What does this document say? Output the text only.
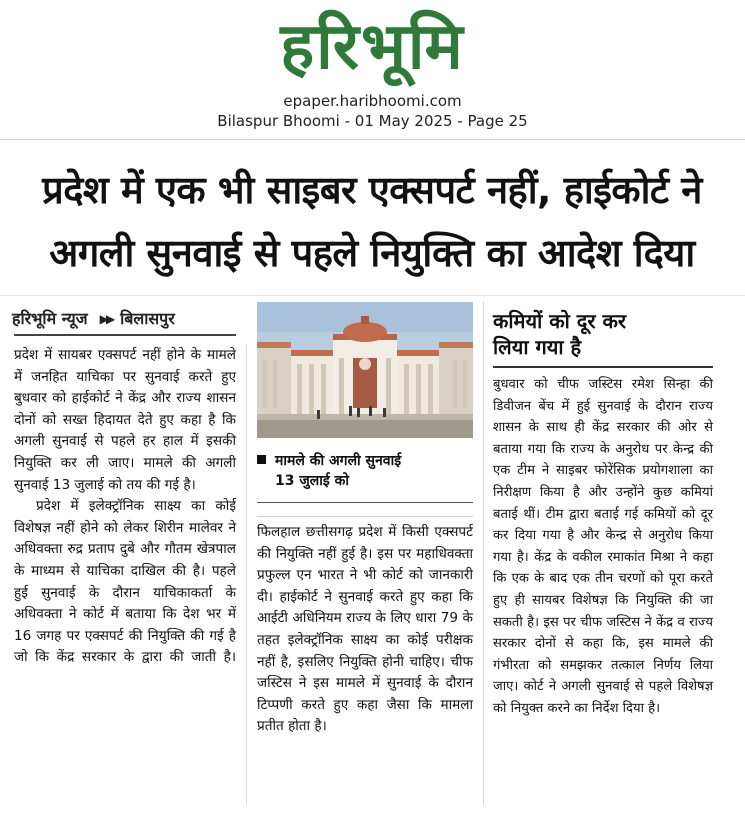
हरिभूमि
epaper.haribhoomi.com
Bilaspur Bhoomi - 01 May 2025 - Page 25
प्रदेश में एक भी साइबर एक्सपर्ट नहीं, हाईकोर्ट ने
अगली सुनवाई से पहले नियुक्ति का आदेश दिया
हरिभूमि न्यूज ▶▶ बिलासपुर

प्रदेश में सायबर एक्सपर्ट नहीं होने के मामले में जनहित याचिका पर सुनवाई करते हुए बुधवार को हाईकोर्ट ने केंद्र और राज्य शासन दोनों को सख्त हिदायत देते हुए कहा है कि अगली सुनवाई से पहले हर हाल में इसकी नियुक्ति कर ली जाए। मामले की अगली सुनवाई 13 जुलाई को तय की गई है।

प्रदेश में इलेक्ट्रॉनिक साक्ष्य का कोई विशेषज्ञ नहीं होने को लेकर शिरीन मालेवर ने अधिवक्ता रुद्र प्रताप दुबे और गौतम खेत्रपाल के माध्यम से याचिका दाखिल की है। पहले हुई सुनवाई के दौरान याचिकाकर्ता के अधिवक्ता ने कोर्ट में बताया कि देश भर में 16 जगह पर एक्सपर्ट की नियुक्ति की गई है जो कि केंद्र सरकार के द्वारा की जाती है।

मामले की अगली सुनवाई
13 जुलाई को

फिलहाल छत्तीसगढ़ प्रदेश में किसी एक्सपर्ट की नियुक्ति नहीं हुई है। इस पर महाधिवक्ता प्रफुल्ल एन भारत ने भी कोर्ट को जानकारी दी। हाईकोर्ट ने सुनवाई करते हुए कहा कि आईटी अधिनियम राज्य के लिए धारा 79 के तहत इलेक्ट्रॉनिक साक्ष्य का कोई परीक्षक नहीं है, इसलिए नियुक्ति होनी चाहिए। चीफ जस्टिस ने इस मामले में सुनवाई के दौरान टिप्पणी करते हुए कहा जैसा कि मामला प्रतीत होता है।

कमियों को दूर कर
लिया गया है

बुधवार को चीफ जस्टिस रमेश सिन्हा की डिवीजन बेंच में हुई सुनवाई के दौरान राज्य शासन के साथ ही केंद्र सरकार की ओर से बताया गया कि राज्य के अनुरोध पर केन्द्र की एक टीम ने साइबर फोरेंसिक प्रयोगशाला का निरीक्षण किया है और उन्होंने कुछ कमियां बताई थीं। टीम द्वारा बताई गई कमियों को दूर कर दिया गया है और केन्द्र से अनुरोध किया गया है। केंद्र के वकील रमाकांत मिश्रा ने कहा कि एक के बाद एक तीन चरणों को पूरा करते हुए ही सायबर विशेषज्ञ कि नियुक्ति की जा सकती है। इस पर चीफ जस्टिस ने केंद्र व राज्य सरकार दोनों से कहा कि, इस मामले की गंभीरता को समझकर तत्काल निर्णय लिया जाए। कोर्ट ने अगली सुनवाई से पहले विशेषज्ञ को नियुक्त करने का निर्देश दिया है।
